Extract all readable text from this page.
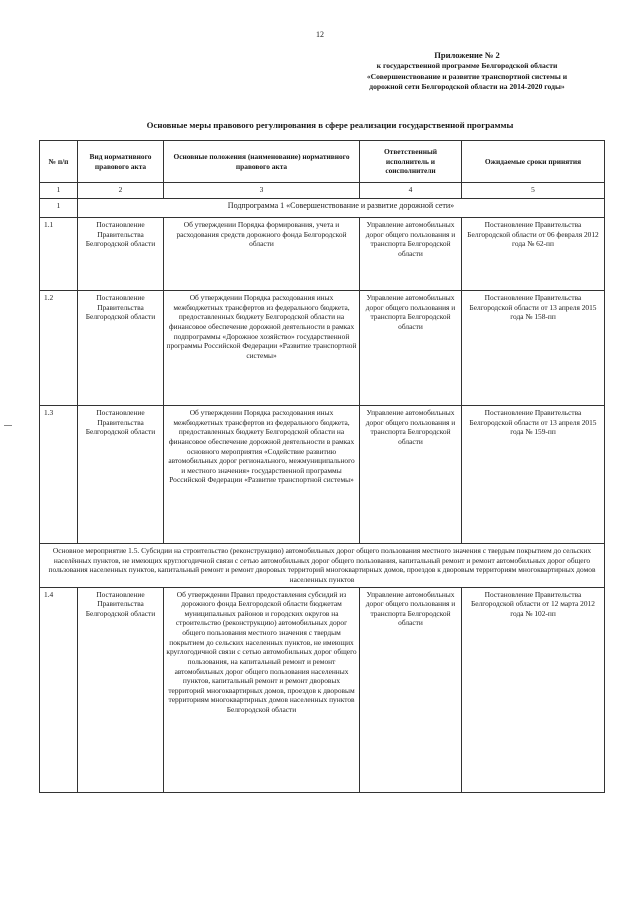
12
Приложение № 2
к государственной программе Белгородской области
«Совершенствование и развитие транспортной системы и
дорожной сети Белгородской области на 2014-2020 годы»
Основные меры правового регулирования в сфере реализации государственной программы
№ п/п	Вид нормативного правового акта	Основные положения (наименование) нормативного правового акта	Ответственный исполнитель и соисполнители	Ожидаемые сроки принятия
1	2	3	4	5
1	Подпрограмма 1 «Совершенствование и развитие дорожной сети»			
1.1	Постановление Правительства Белгородской области	Об утверждении Порядка формирования, учета и расходования средств дорожного фонда Белгородской области	Управление автомобильных дорог общего пользования и транспорта Белгородской области	Постановление Правительства Белгородской области от 06 февраля 2012 года № 62-пп
1.2	Постановление Правительства Белгородской области	Об утверждении Порядка расходования иных межбюджетных трансфертов из федерального бюджета, предоставленных бюджету Белгородской области на финансовое обеспечение дорожной деятельности в рамках подпрограммы «Дорожное хозяйство» государственной программы Российской Федерации «Развитие транспортной системы»	Управление автомобильных дорог общего пользования и транспорта Белгородской области	Постановление Правительства Белгородской области от 13 апреля 2015 года № 158-пп
1.3	Постановление Правительства Белгородской области	Об утверждении Порядка расходования иных межбюджетных трансфертов из федерального бюджета, предоставленных бюджету Белгородской области на финансовое обеспечение дорожной деятельности в рамках основного мероприятия «Содействие развитию автомобильных дорог регионального, межмуниципального и местного значения» государственной программы Российской Федерации «Развитие транспортной системы»	Управление автомобильных дорог общего пользования и транспорта Белгородской области	Постановление Правительства Белгородской области от 13 апреля 2015 года № 159-пп
Основное мероприятие 1.5. Субсидии на строительство (реконструкцию) автомобильных дорог общего пользования местного значения с твердым покрытием до сельских населённых пунктов, не имеющих круглогодичной связи с сетью автомобильных дорог общего пользования, капитальный ремонт и ремонт автомобильных дорог общего пользования населенных пунктов, капитальный ремонт и ремонт дворовых территорий многоквартирных домов, проездов к дворовым территориям многоквартирных домов населенных пунктов				
1.4	Постановление Правительства Белгородской области	Об утверждении Правил предоставления субсидий из дорожного фонда Белгородской области бюджетам муниципальных районов и городских округов на строительство (реконструкцию) автомобильных дорог общего пользования местного значения с твердым покрытием до сельских населенных пунктов, не имеющих круглогодичной связи с сетью автомобильных дорог общего пользования, на капитальный ремонт и ремонт автомобильных дорог общего пользования населенных пунктов, капитальный ремонт и ремонт дворовых территорий многоквартирных домов, проездов к дворовым территориям многоквартирных домов населенных пунктов Белгородской области	Управление автомобильных дорог общего пользования и транспорта Белгородской области	Постановление Правительства Белгородской области от 12 марта 2012 года № 102-пп
